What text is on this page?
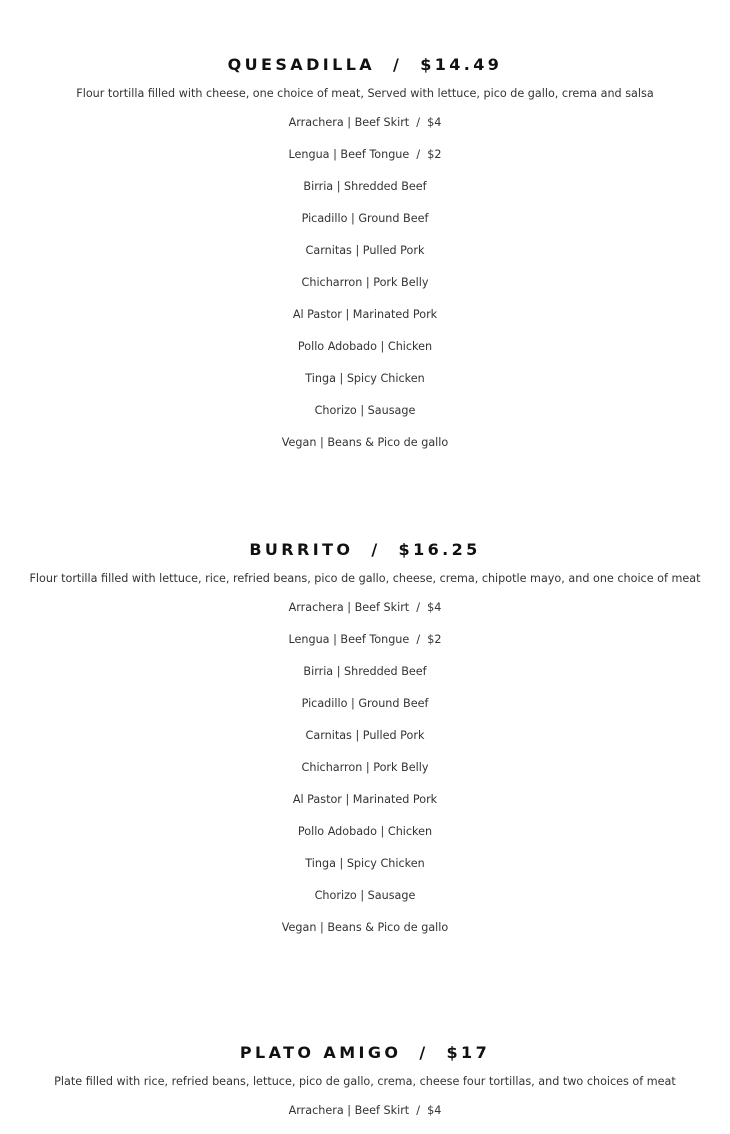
QUESADILLA  /  $14.49

Flour tortilla filled with cheese, one choice of meat, Served with lettuce, pico de gallo, crema and salsa

Arrachera | Beef Skirt  /  $4
Lengua | Beef Tongue  /  $2
Birria | Shredded Beef
Picadillo | Ground Beef
Carnitas | Pulled Pork
Chicharron | Pork Belly
Al Pastor | Marinated Pork
Pollo Adobado | Chicken
Tinga | Spicy Chicken
Chorizo | Sausage
Vegan | Beans & Pico de gallo
BURRITO  /  $16.25

Flour tortilla filled with lettuce, rice, refried beans, pico de gallo, cheese, crema, chipotle mayo, and one choice of meat

Arrachera | Beef Skirt  /  $4
Lengua | Beef Tongue  /  $2
Birria | Shredded Beef
Picadillo | Ground Beef
Carnitas | Pulled Pork
Chicharron | Pork Belly
Al Pastor | Marinated Pork
Pollo Adobado | Chicken
Tinga | Spicy Chicken
Chorizo | Sausage
Vegan | Beans & Pico de gallo
PLATO AMIGO  /  $17

Plate filled with rice, refried beans, lettuce, pico de gallo, crema, cheese four tortillas, and two choices of meat

Arrachera | Beef Skirt  /  $4
